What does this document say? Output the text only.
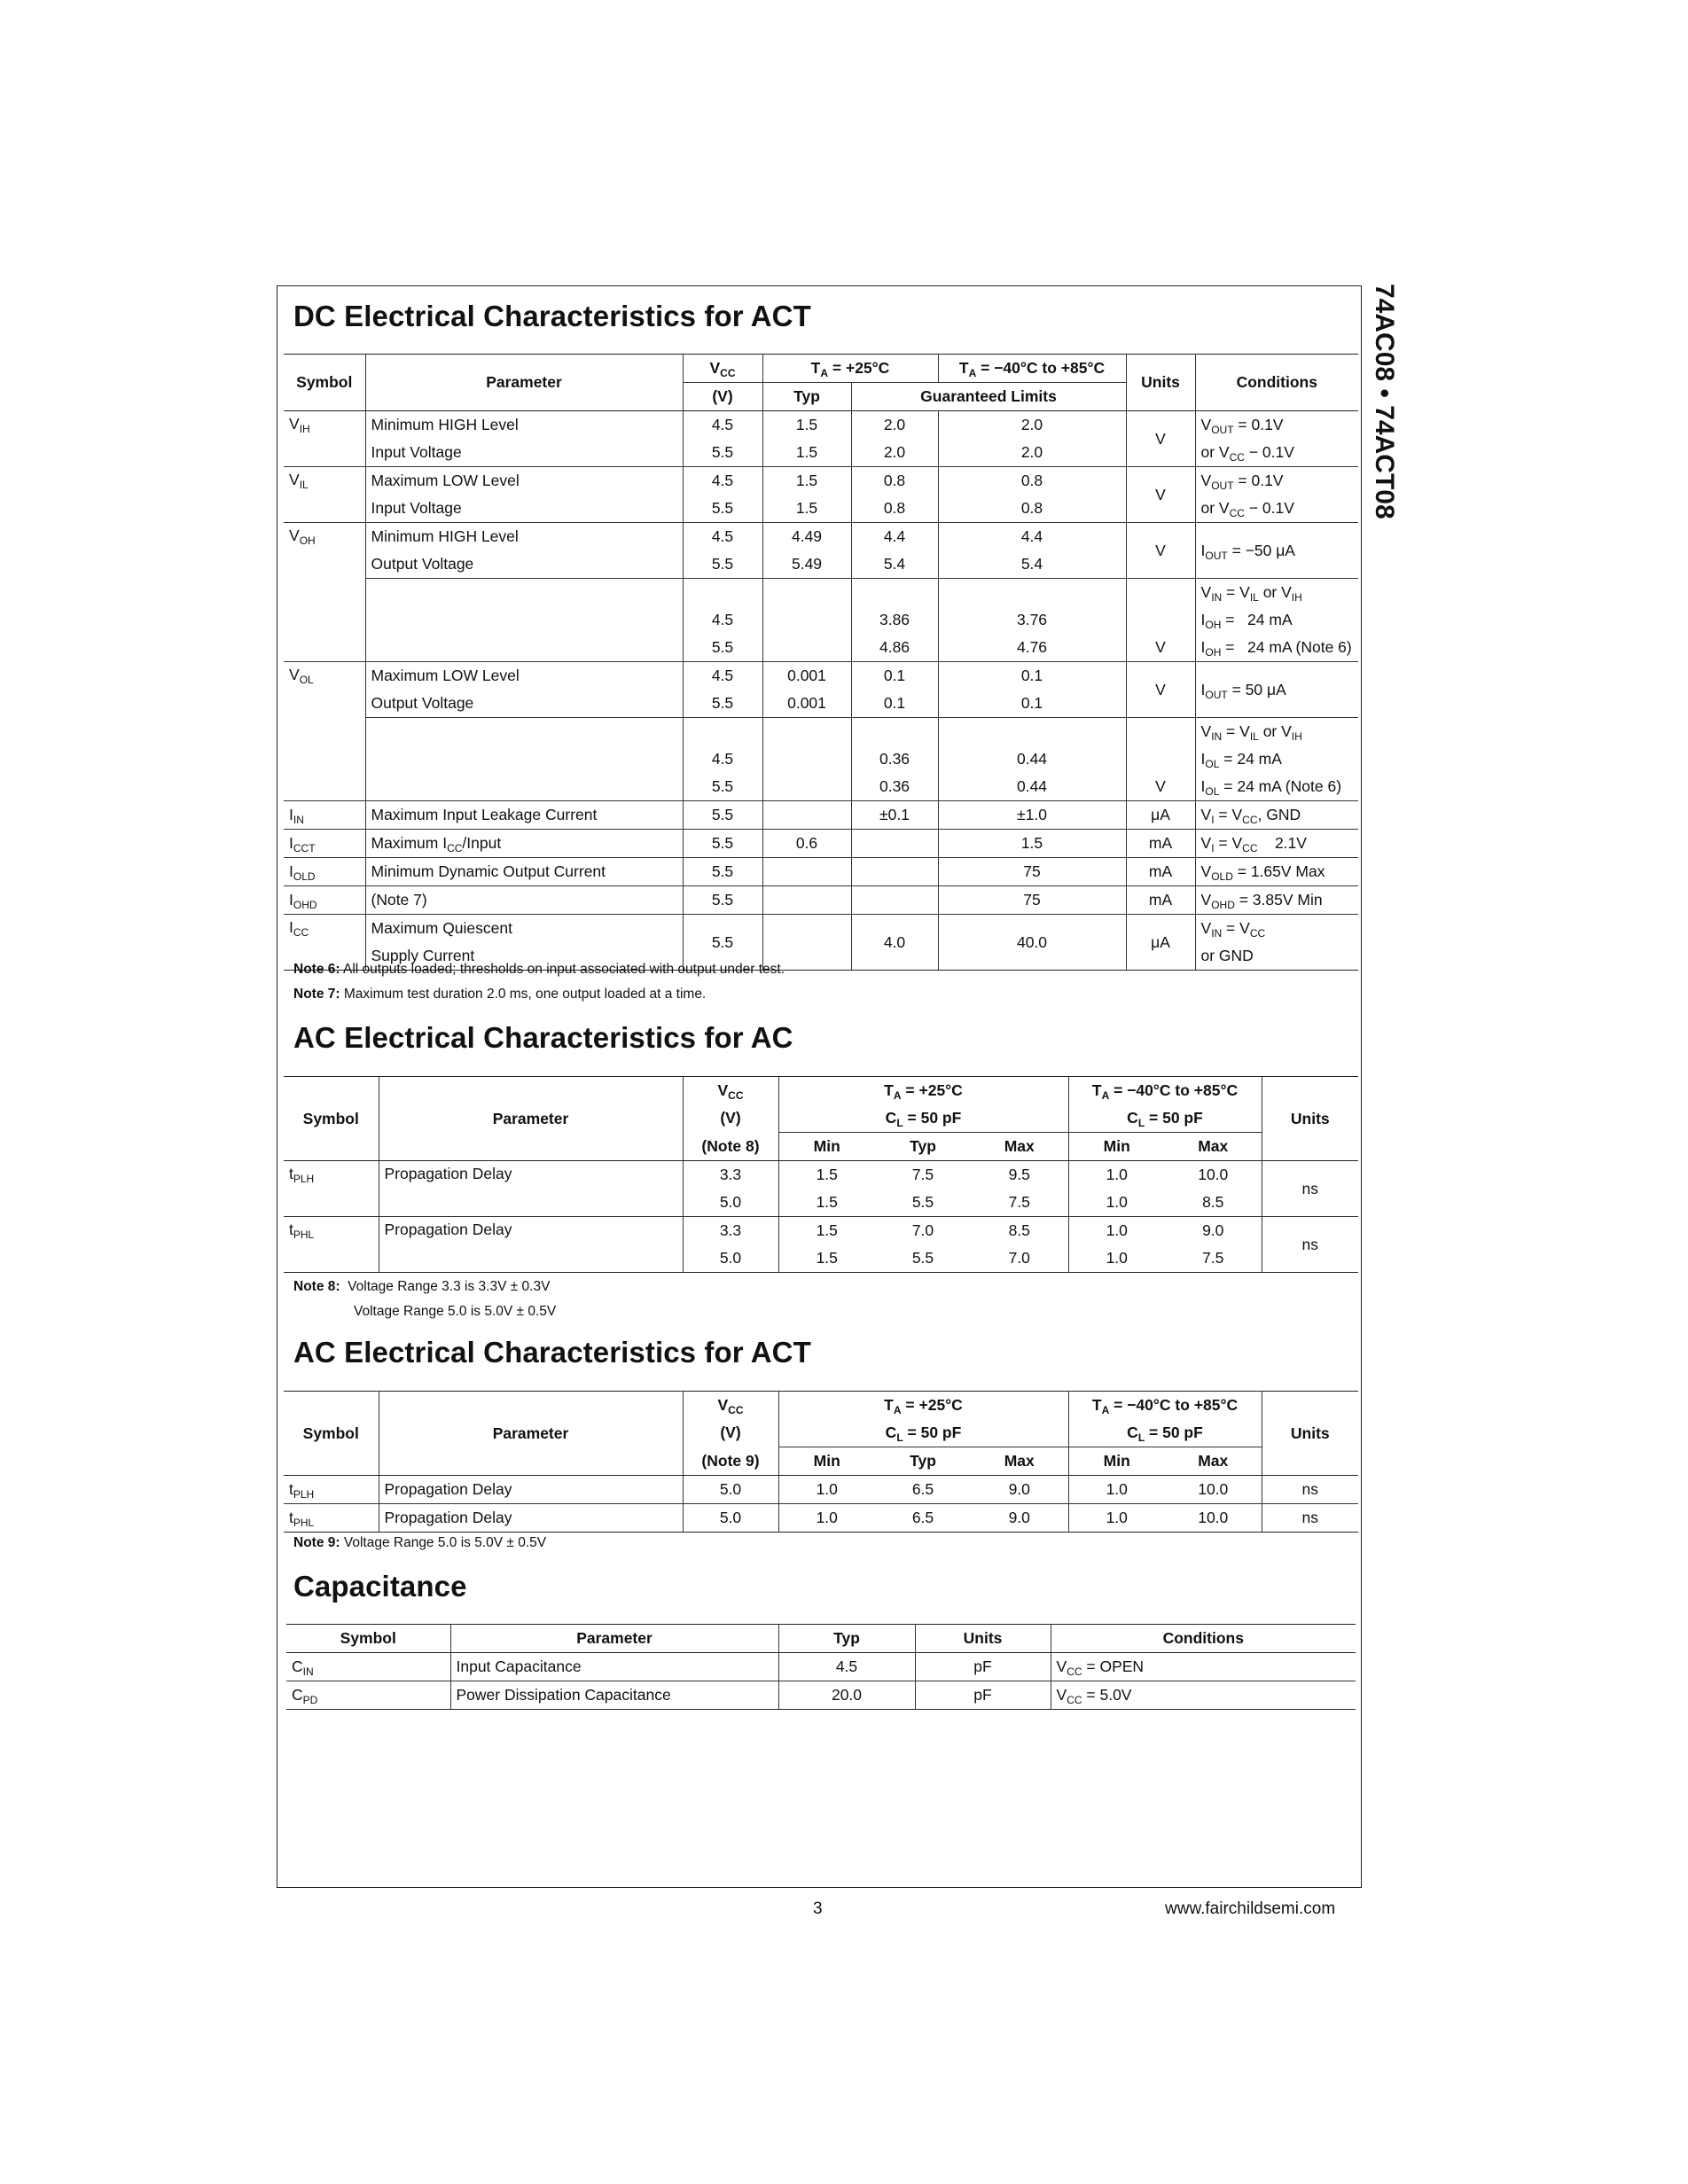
74AC08 • 74ACT08
DC Electrical Characteristics for ACT
Symbol	Parameter	$V_{CC}$	$T_A = +25^\circ C$		$T_A = -40^\circ C$ to +85°C	Units	Conditions
		(V)	Typ	Guaranteed Limits			
$V_{IH}$	Minimum HIGH Level	4.5	1.5	2.0	2.0	V	$V_{OUT} = 0.1V$
	Input Voltage	5.5	1.5	2.0	2.0		or $V_{CC} - 0.1V$
$V_{IL}$	Maximum LOW Level	4.5	1.5	0.8	0.8	V	$V_{OUT} = 0.1V$
	Input Voltage	5.5	1.5	0.8	0.8		or $V_{CC} - 0.1V$
$V_{OH}$	Minimum HIGH Level	4.5	4.49	4.4	4.4	V	$I_{OUT} = -50$ μA
	Output Voltage	5.5	5.49	5.4	5.4		
							$V_{IN} = V_{IL}$ or $V_{IH}$
		4.5		3.86	3.76		$I_{OH} = 24$ mA
		5.5		4.86	4.76	V	$I_{OH} = 24$ mA (Note 6)
$V_{OL}$	Maximum LOW Level	4.5	0.001	0.1	0.1	V	$I_{OUT} = 50$ μA
	Output Voltage	5.5	0.001	0.1	0.1		
							$V_{IN} = V_{IL}$ or $V_{IH}$
		4.5		0.36	0.44		$I_{OL} = 24$ mA
		5.5		0.36	0.44	V	$I_{OL} = 24$ mA (Note 6)
$I_{IN}$	Maximum Input Leakage Current	5.5		±0.1	±1.0	μA	$V_I = V_{CC}$, GND
$I_{CCT}$	Maximum $I_{CC}$/Input	5.5	0.6		1.5	mA	$V_I = V_{CC}$    2.1V
$I_{OLD}$	Minimum Dynamic Output Current	5.5			75	mA	$V_{OLD} = 1.65V$ Max
$I_{OHD}$	(Note 7)	5.5			75	mA	$V_{OHD} = 3.85V$ Min
$I_{CC}$	Maximum Quiescent	5.5		4.0	40.0	μA	$V_{IN} = V_{CC}$
	Supply Current						or GND
Note 6: All outputs loaded; thresholds on input associated with output under test.
Note 7: Maximum test duration 2.0 ms, one output loaded at a time.
AC Electrical Characteristics for AC
Symbol	Parameter	$V_{CC}$	$T_A = +25^\circ C$			$T_A = -40^\circ C$ to +85°C		Units
		(V)	$C_L = 50$ pF			$C_L = 50$ pF		
		(Note 8)	Min	Typ	Max	Min	Max	
$t_{PLH}$	Propagation Delay	3.3	1.5	7.5	9.5	1.0	10.0	ns
		5.0	1.5	5.5	7.5	1.0	8.5	
$t_{PHL}$	Propagation Delay	3.3	1.5	7.0	8.5	1.0	9.0	ns
		5.0	1.5	5.5	7.0	1.0	7.5	
Note 8: Voltage Range 3.3 is 3.3V ± 0.3V
Voltage Range 5.0 is 5.0V ± 0.5V
AC Electrical Characteristics for ACT
Symbol	Parameter	$V_{CC}$	$T_A = +25^\circ C$			$T_A = -40^\circ C$ to +85°C		Units
		(V)	$C_L = 50$ pF			$C_L = 50$ pF		
		(Note 9)	Min	Typ	Max	Min	Max	
$t_{PLH}$	Propagation Delay	5.0	1.0	6.5	9.0	1.0	10.0	ns
$t_{PHL}$	Propagation Delay	5.0	1.0	6.5	9.0	1.0	10.0	ns
Note 9: Voltage Range 5.0 is 5.0V ± 0.5V
Capacitance
Symbol	Parameter	Typ	Units	Conditions
$C_{IN}$	Input Capacitance	4.5	pF	$V_{CC}$ = OPEN
$C_{PD}$	Power Dissipation Capacitance	20.0	pF	$V_{CC} = 5.0V$
3	www.fairchildsemi.com
